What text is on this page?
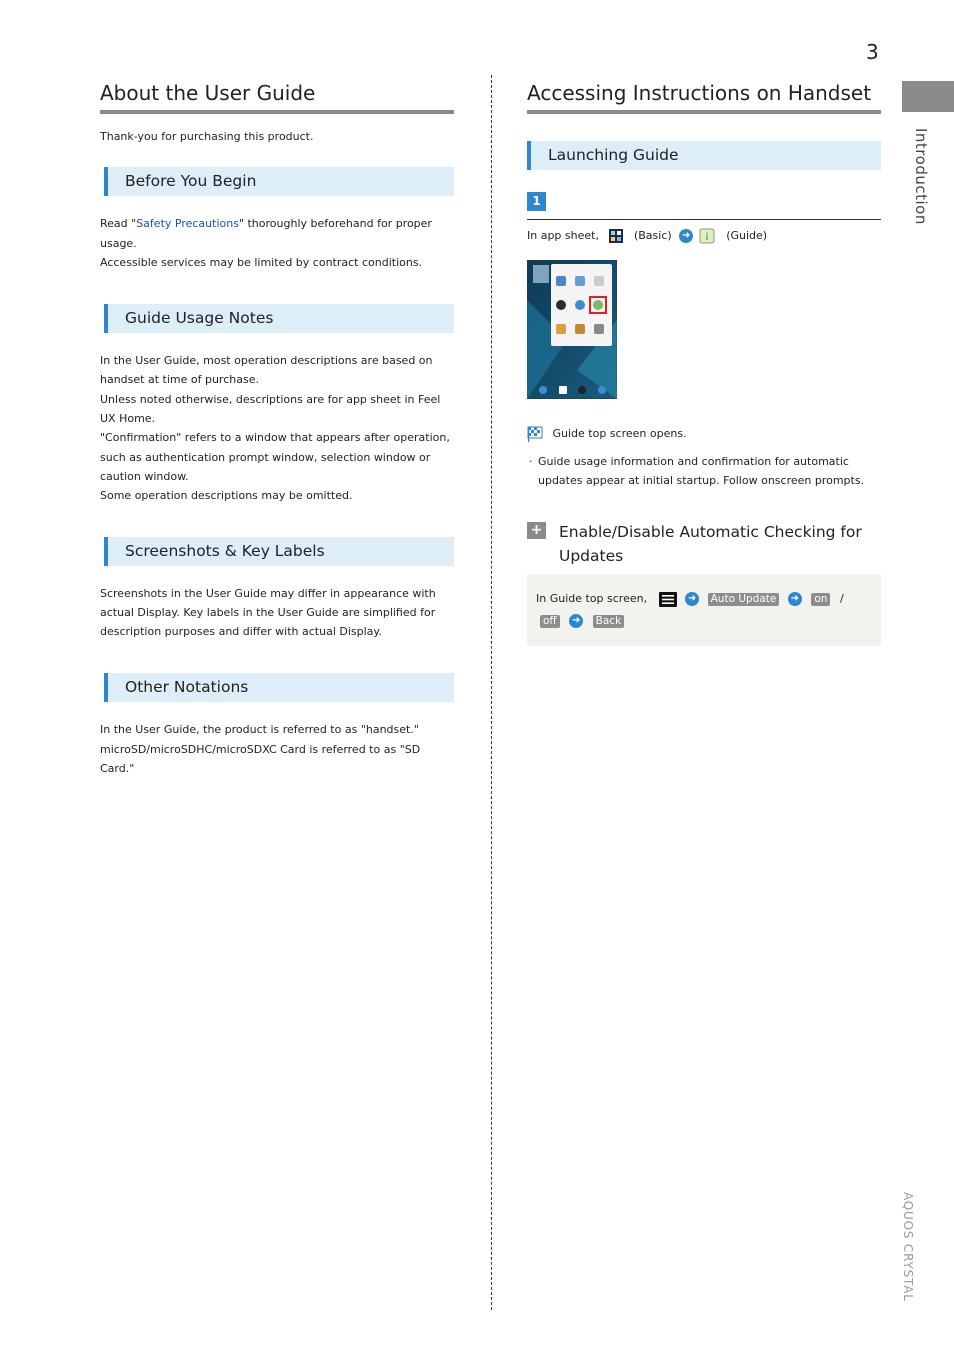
3
Introduction
AQUOS CRYSTAL
About the User Guide

Thank-you for purchasing this product.

Before You Begin

Read "Safety Precautions" thoroughly beforehand for proper usage.
Accessible services may be limited by contract conditions.

Guide Usage Notes
In the User Guide, most operation descriptions are based on handset at time of purchase.
Unless noted otherwise, descriptions are for app sheet in Feel UX Home.
"Confirmation" refers to a window that appears after operation, such as authentication prompt window, selection window or caution window.
Some operation descriptions may be omitted.
Screenshots & Key Labels

Screenshots in the User Guide may differ in appearance with actual Display. Key labels in the User Guide are simplified for description purposes and differ with actual Display.

Other Notations

In the User Guide, the product is referred to as "handset." microSD/microSDHC/microSDXC Card is referred to as "SD Card."

Accessing Instructions on Handset
Launching Guide
1
In app sheet,	(Basic) ➜ i (Guide)
Guide top screen opens.
· Guide usage information and confirmation for automatic updates appear at initial startup. Follow onscreen prompts.
+ Enable/Disable Automatic Checking for Updates
In Guide top screen,	➜ Auto Update ➜ on /
off ➜ Back
